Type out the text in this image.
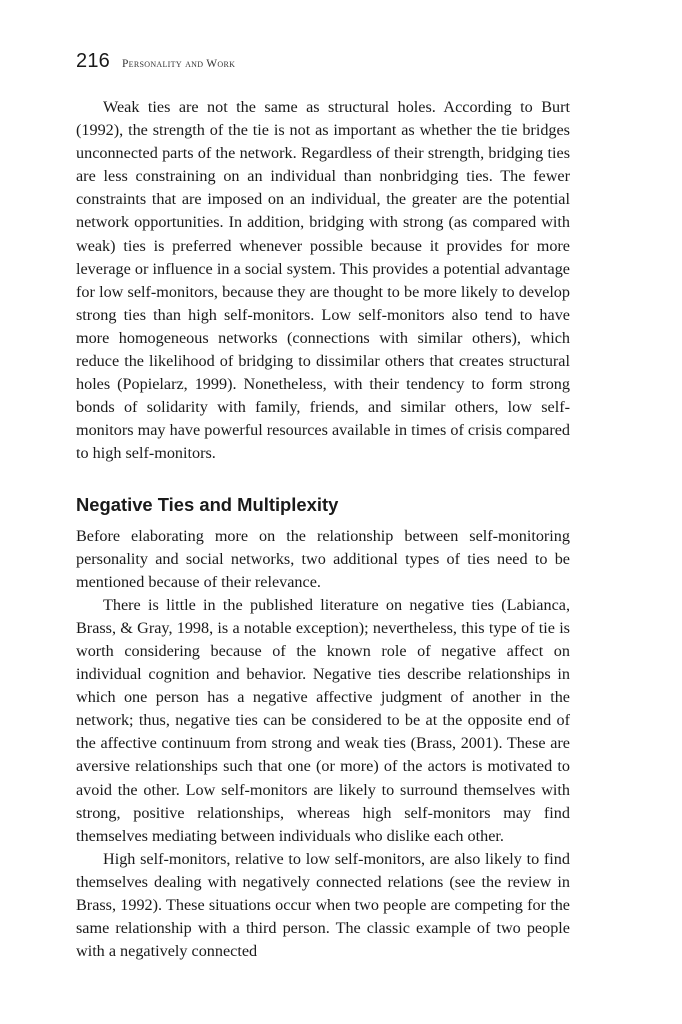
216 Personality and Work

Weak ties are not the same as structural holes. According to Burt (1992), the strength of the tie is not as important as whether the tie bridges unconnected parts of the network. Regardless of their strength, bridging ties are less constraining on an individual than nonbridging ties. The fewer constraints that are imposed on an individual, the greater are the potential network opportunities. In addition, bridging with strong (as compared with weak) ties is preferred whenever possible because it provides for more leverage or influence in a social system. This provides a potential advantage for low self-monitors, because they are thought to be more likely to develop strong ties than high self-monitors. Low self-monitors also tend to have more homogeneous networks (connections with similar others), which reduce the likelihood of bridging to dissimilar others that creates structural holes (Popielarz, 1999). Nonetheless, with their tendency to form strong bonds of solidarity with family, friends, and similar others, low self-monitors may have powerful resources available in times of crisis compared to high self-monitors.

Negative Ties and Multiplexity

Before elaborating more on the relationship between self-monitoring personality and social networks, two additional types of ties need to be mentioned because of their relevance.

There is little in the published literature on negative ties (Labianca, Brass, & Gray, 1998, is a notable exception); nevertheless, this type of tie is worth considering because of the known role of negative affect on individual cognition and behavior. Negative ties describe relationships in which one person has a negative affective judgment of another in the network; thus, negative ties can be considered to be at the opposite end of the affective continuum from strong and weak ties (Brass, 2001). These are aversive relationships such that one (or more) of the actors is motivated to avoid the other. Low self-monitors are likely to surround themselves with strong, positive relationships, whereas high self-monitors may find themselves mediating between individuals who dislike each other.

High self-monitors, relative to low self-monitors, are also likely to find themselves dealing with negatively connected relations (see the review in Brass, 1992). These situations occur when two people are competing for the same relationship with a third person. The classic example of two people with a negatively connected
